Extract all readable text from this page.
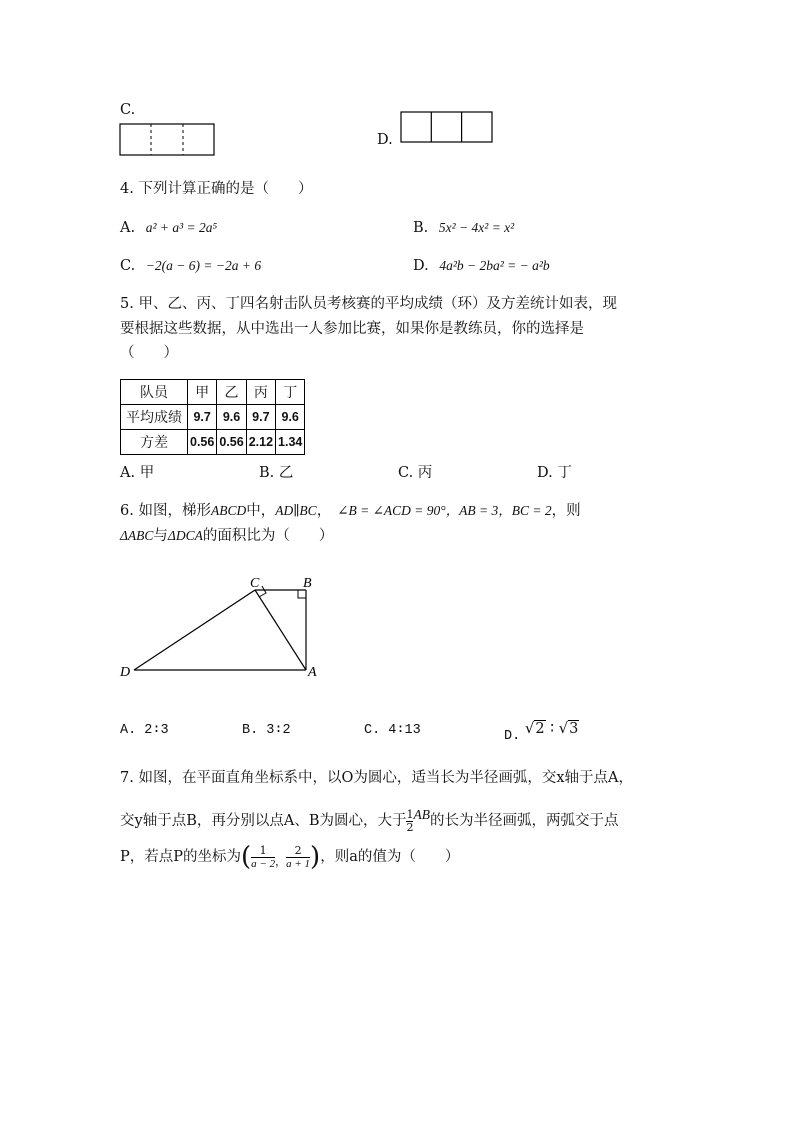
C.
D.
4. 下列计算正确的是（　　）
A. a² + a³ = 2a⁵	B. 5x² − 4x² = x²
C. −2(a − 6) = −2a + 6	D. 4a²b − 2ba² = − a²b
5. 甲、乙、丙、丁四名射击队员考核赛的平均成绩（环）及方差统计如表，现
要根据这些数据，从中选出一人参加比赛，如果你是教练员，你的选择是
（　　）
队员	甲	乙	丙	丁
平均成绩	9.7	9.6	9.7	9.6
方差	0.56	0.56	2.12	1.34
A. 甲	B. 乙	C. 丙	D. 丁
6. 如图，梯形ABCD中，AD∥BC， ∠B = ∠ACD = 90°，AB = 3，BC = 2，则
ΔABC与ΔDCA的面积比为（　　）
C	B
D	A
A. 2∶3	B. 3∶2	C. 4∶13	D. √2 ∶ √3
7. 如图，在平面直角坐标系中，以O为圆心，适当长为半径画弧，交x轴于点A，
交y轴于点B，再分别以点A、B为圆心，大于 $\frac{1}{2}$ AB的长为半径画弧，两弧交于点
P，若点P的坐标为( $\frac{1}{a - 2} _, \frac{2}{a + 1}$ )，则a的值为（　　）
